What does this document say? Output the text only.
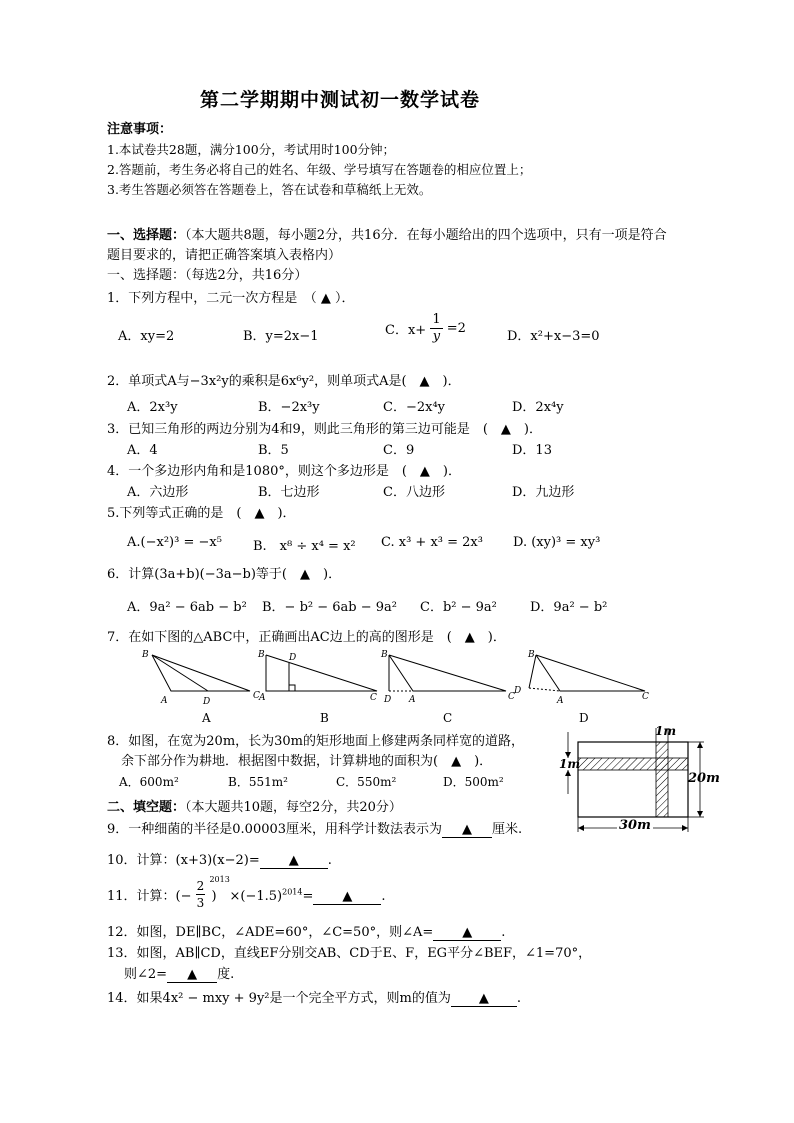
第二学期期中测试初一数学试卷
注意事项：
1.本试卷共28题，满分100分，考试用时100分钟；
2.答题前，考生务必将自己的姓名、年级、学号填写在答题卷的相应位置上；
3.考生答题必须答在答题卷上，答在试卷和草稿纸上无效。
一、选择题：（本大题共8题，每小题2分，共16分．在每小题给出的四个选项中，只有一项是符合
题目要求的，请把正确答案填入表格内）
一、选择题：（每选2分，共16分）
1．下列方程中，二元一次方程是　（ ▲ ）．
A．xy=2	B．y=2x−1	C．$x+ \frac{1}{y} =2$
D．x²+x−3=0
2．单项式A与−3x²y的乘积是6x⁶y²，则单项式A是(　▲　)．
A．2x³y	B．−2x³y	C．−2x⁴y	D．2x⁴y
3．已知三角形的两边分别为4和9，则此三角形的第三边可能是　(　▲　)．
A．4	B．5	C．9	D．13
4．一个多边形内角和是1080°，则这个多边形是　(　▲　)．
A．六边形	B．七边形	C．八边形	D．九边形
5.下列等式正确的是　(　▲　)．
A.(−x²)³ = −x⁵ B.　x⁸ ÷ x⁴ = x² C. x³ + x³ = 2x³ D. (xy)³ = xy³
6．计算(3a+b)(−3a−b)等于(　▲　)．
A．9a² − 6ab − b² B．− b² − 6ab − 9a² C．b² − 9a²	D．9a² − b²
7．在如下图的△ABC中，正确画出AC边上的高的图形是　(　▲　)．
B
A	D
C
B	D
A	C
B
D A	C
B
D
A	C
A	B	C	D
8．如图，在宽为20m，长为30m的矩形地面上修建两条同样宽的道路，
余下部分作为耕地．根据图中数据，计算耕地的面积为(　▲　)．
A．600m²	B．551m²	C．550m²	D．500m²
1m
1m
20m
30m
二、填空题：（本大题共10题，每空2分，共20分）
9．一种细菌的半径是0.00003厘米，用科学计数法表示为 ▲ 厘米.
10．计算：(x+3)(x−2)= ▲ .
11．计算：(− $\frac{2}{3}$
2013
)　$\times(-1.5)^{2014}=$ ▲ .
12．如图，DE∥BC，∠ADE=60°，∠C=50°，则∠A= ▲ .
13．如图，AB∥CD，直线EF分别交AB、CD于E、F，EG平分∠BEF，∠1=70°，
则∠2= ▲ 度.
14．如果4x² − mxy + 9y²是一个完全平方式，则m的值为 ▲ .
